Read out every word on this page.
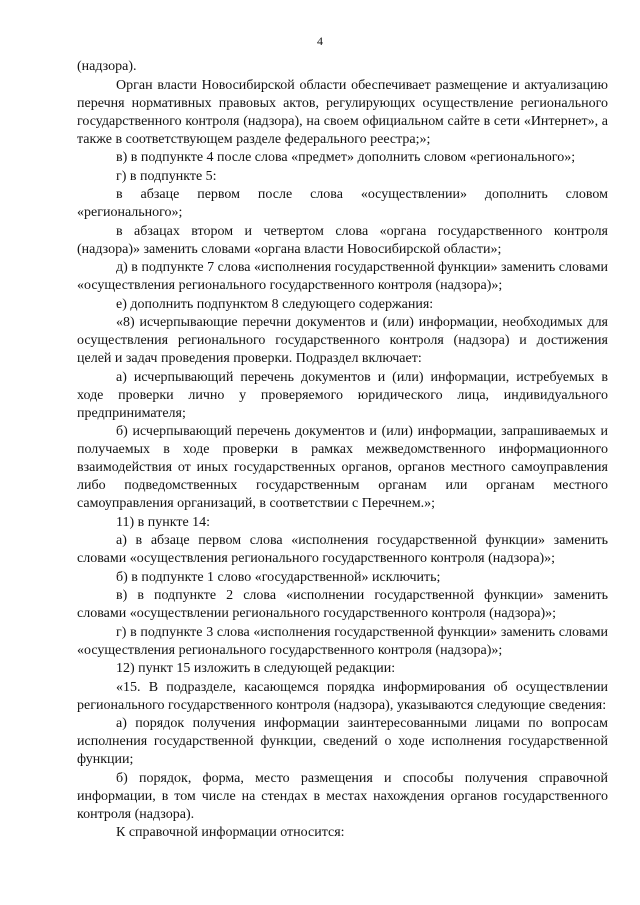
4

(надзора).

Орган власти Новосибирской области обеспечивает размещение и актуализацию перечня нормативных правовых актов, регулирующих осуществление регионального государственного контроля (надзора), на своем официальном сайте в сети «Интернет», а также в соответствующем разделе федерального реестра;»;

в) в подпункте 4 после слова «предмет» дополнить словом «регионального»;

г) в подпункте 5:

в абзаце первом после слова «осуществлении» дополнить словом «регионального»;

в абзацах втором и четвертом слова «органа государственного контроля (надзора)» заменить словами «органа власти Новосибирской области»;

д) в подпункте 7 слова «исполнения государственной функции» заменить словами «осуществления регионального государственного контроля (надзора)»;

е) дополнить подпунктом 8 следующего содержания:

«8) исчерпывающие перечни документов и (или) информации, необходимых для осуществления регионального государственного контроля (надзора) и достижения целей и задач проведения проверки. Подраздел включает:

а) исчерпывающий перечень документов и (или) информации, истребуемых в ходе проверки лично у проверяемого юридического лица, индивидуального предпринимателя;

б) исчерпывающий перечень документов и (или) информации, запрашиваемых и получаемых в ходе проверки в рамках межведомственного информационного взаимодействия от иных государственных органов, органов местного самоуправления либо подведомственных государственным органам или органам местного самоуправления организаций, в соответствии с Перечнем.»;

11) в пункте 14:

а) в абзаце первом слова «исполнения государственной функции» заменить словами «осуществления регионального государственного контроля (надзора)»;

б) в подпункте 1 слово «государственной» исключить;

в) в подпункте 2 слова «исполнении государственной функции» заменить словами «осуществлении регионального государственного контроля (надзора)»;

г) в подпункте 3 слова «исполнения государственной функции» заменить словами «осуществления регионального государственного контроля (надзора)»;

12) пункт 15 изложить в следующей редакции:

«15. В подразделе, касающемся порядка информирования об осуществлении регионального государственного контроля (надзора), указываются следующие сведения:

а) порядок получения информации заинтересованными лицами по вопросам исполнения государственной функции, сведений о ходе исполнения государственной функции;

б) порядок, форма, место размещения и способы получения справочной информации, в том числе на стендах в местах нахождения органов государственного контроля (надзора).

К справочной информации относится:
